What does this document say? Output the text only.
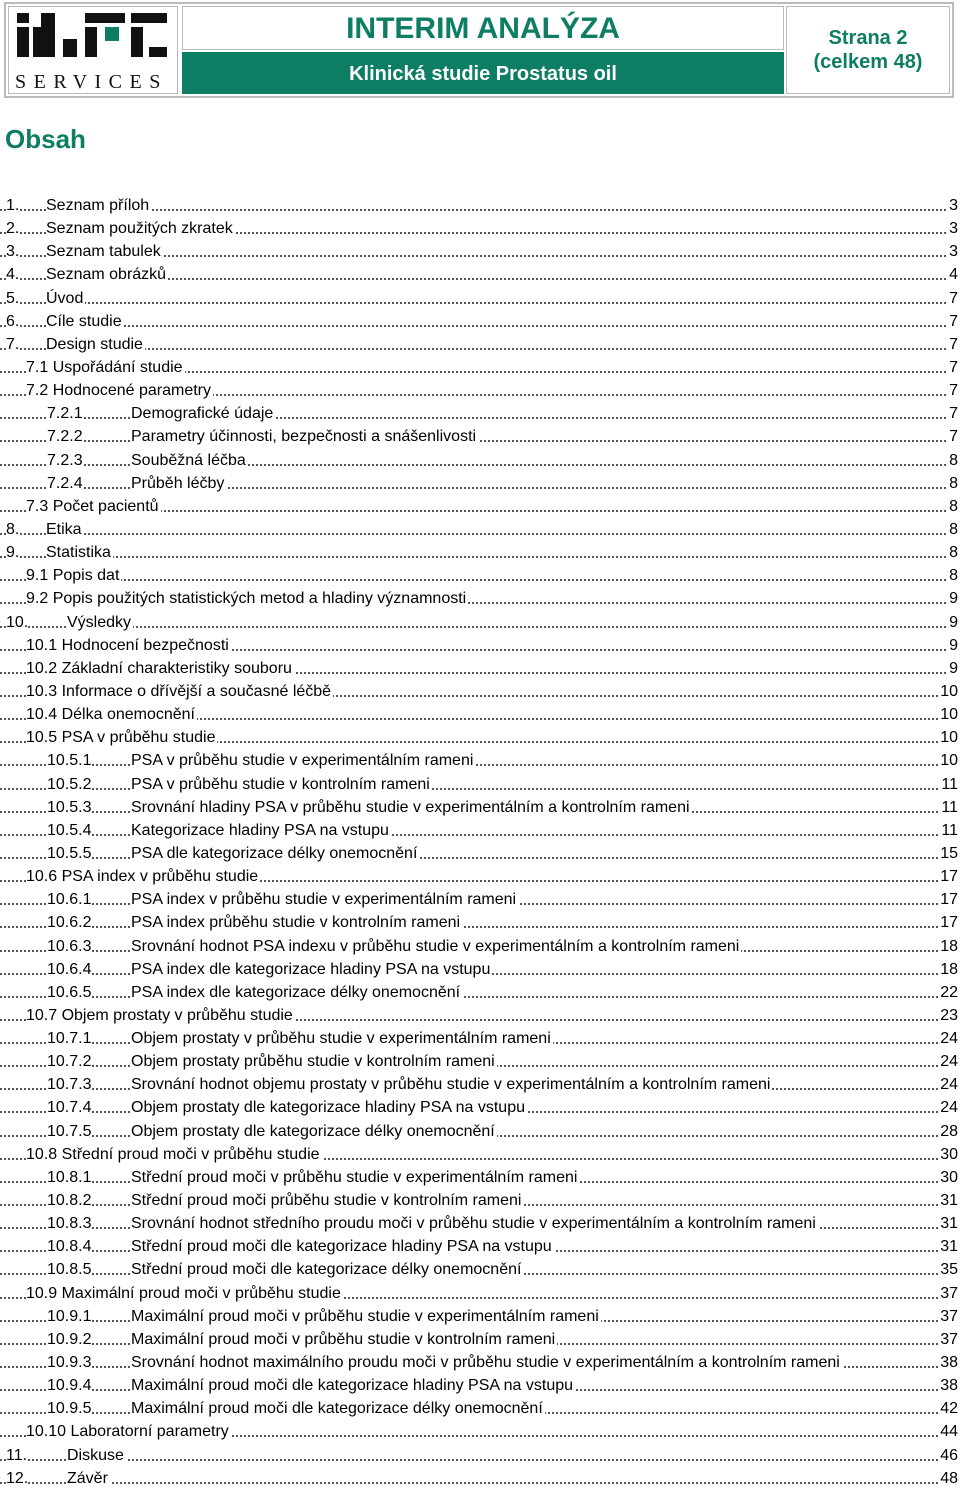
SERVICES
INTERIM ANALÝZA
Klinická studie Prostatus oil
Strana 2
(celkem 48)
Obsah
1. Seznam příloh	3
2. Seznam použitých zkratek	3
3. Seznam tabulek	3
4. Seznam obrázků	4
5. Úvod	7
6. Cíle studie	7
7. Design studie	7
7.1 Uspořádání studie	7
7.2 Hodnocené parametry	7
7.2.1	Demografické údaje	7
7.2.2	Parametry účinnosti, bezpečnosti a snášenlivosti	7
7.2.3	Souběžná léčba	8
7.2.4	Průběh léčby	8
7.3 Počet pacientů	8
8. Etika	8
9. Statistika	8
9.1 Popis dat	8
9.2 Popis použitých statistických metod a hladiny významnosti	9
10. Výsledky	9
10.1 Hodnocení bezpečnosti	9
10.2 Základní charakteristiky souboru	9
10.3 Informace o dřívější a současné léčbě	10
10.4 Délka onemocnění	10
10.5 PSA v průběhu studie	10
10.5.1 PSA v průběhu studie v experimentálním rameni	10
10.5.2 PSA v průběhu studie v kontrolním rameni	11
10.5.3 Srovnání hladiny PSA v průběhu studie v experimentálním a kontrolním rameni	11
10.5.4 Kategorizace hladiny PSA na vstupu	11
10.5.5 PSA dle kategorizace délky onemocnění	15
10.6 PSA index v průběhu studie	17
10.6.1 PSA index v průběhu studie v experimentálním rameni	17
10.6.2 PSA index průběhu studie v kontrolním rameni	17
10.6.3 Srovnání hodnot PSA indexu v průběhu studie v experimentálním a kontrolním rameni	18
10.6.4 PSA index dle kategorizace hladiny PSA na vstupu	18
10.6.5 PSA index dle kategorizace délky onemocnění	22
10.7 Objem prostaty v průběhu studie	23
10.7.1 Objem prostaty v průběhu studie v experimentálním rameni	24
10.7.2 Objem prostaty průběhu studie v kontrolním rameni	24
10.7.3 Srovnání hodnot objemu prostaty v průběhu studie v experimentálním a kontrolním rameni	24
10.7.4 Objem prostaty dle kategorizace hladiny PSA na vstupu	24
10.7.5 Objem prostaty dle kategorizace délky onemocnění	28
10.8 Střední proud moči v průběhu studie	30
10.8.1 Střední proud moči v průběhu studie v experimentálním rameni	30
10.8.2 Střední proud moči průběhu studie v kontrolním rameni	31
10.8.3 Srovnání hodnot středního proudu moči v průběhu studie v experimentálním a kontrolním rameni	31
10.8.4 Střední proud moči dle kategorizace hladiny PSA na vstupu	31
10.8.5 Střední proud moči dle kategorizace délky onemocnění	35
10.9 Maximální proud moči v průběhu studie	37
10.9.1 Maximální proud moči v průběhu studie v experimentálním rameni	37
10.9.2 Maximální proud moči v průběhu studie v kontrolním rameni	37
10.9.3 Srovnání hodnot maximálního proudu moči v průběhu studie v experimentálním a kontrolním rameni	38
10.9.4 Maximální proud moči dle kategorizace hladiny PSA na vstupu	38
10.9.5 Maximální proud moči dle kategorizace délky onemocnění	42
10.10 Laboratorní parametry	44
11. Diskuse	46
12. Závěr	48
